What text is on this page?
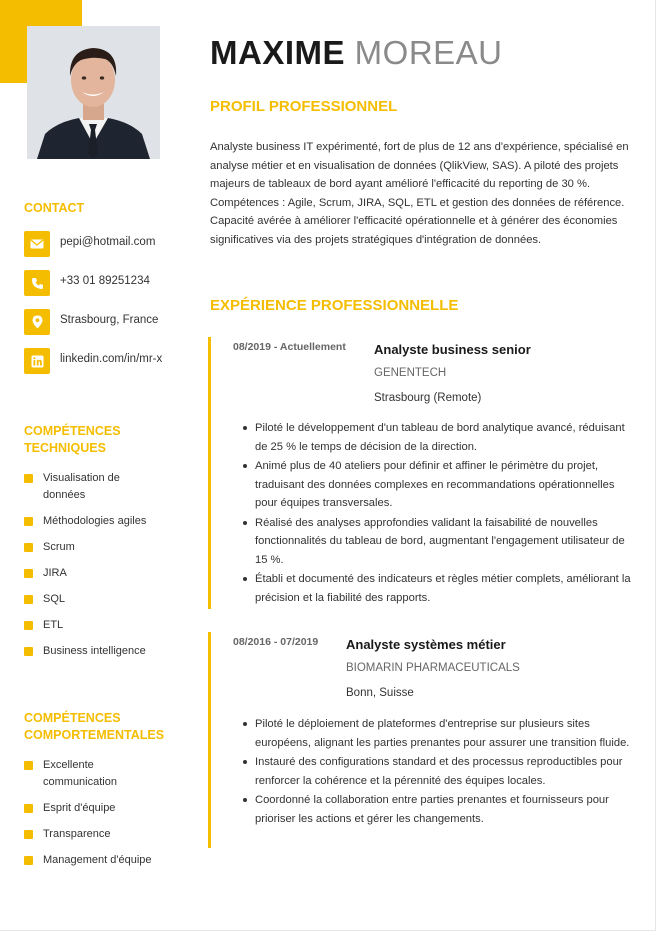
CONTACT
pepi@hotmail.com
+33 01 89251234
Strasbourg, France
linkedin.com/in/mr-x
COMPÉTENCES TECHNIQUES
Visualisation de données
Méthodologies agiles
Scrum
JIRA
SQL
ETL
Business intelligence
COMPÉTENCES COMPORTEMENTALES
Excellente communication
Esprit d'équipe
Transparence
Management d'équipe
MAXIME MOREAU
PROFIL PROFESSIONNEL
Analyste business IT expérimenté, fort de plus de 12 ans d'expérience, spécialisé en analyse métier et en visualisation de données (QlikView, SAS). A piloté des projets majeurs de tableaux de bord ayant amélioré l'efficacité du reporting de 30 %. Compétences : Agile, Scrum, JIRA, SQL, ETL et gestion des données de référence. Capacité avérée à améliorer l'efficacité opérationnelle et à générer des économies significatives via des projets stratégiques d'intégration de données.
EXPÉRIENCE PROFESSIONNELLE
08/2019 - Actuellement Analyste business senior
GENENTECH
Strasbourg (Remote)
Piloté le développement d'un tableau de bord analytique avancé, réduisant de 25 % le temps de décision de la direction.
Animé plus de 40 ateliers pour définir et affiner le périmètre du projet, traduisant des données complexes en recommandations opérationnelles pour équipes transversales.
Réalisé des analyses approfondies validant la faisabilité de nouvelles fonctionnalités du tableau de bord, augmentant l'engagement utilisateur de 15 %.
Établi et documenté des indicateurs et règles métier complets, améliorant la précision et la fiabilité des rapports.
08/2016 - 07/2019 Analyste systèmes métier
BIOMARIN PHARMACEUTICALS
Bonn, Suisse
Piloté le déploiement de plateformes d'entreprise sur plusieurs sites européens, alignant les parties prenantes pour assurer une transition fluide.
Instauré des configurations standard et des processus reproductibles pour renforcer la cohérence et la pérennité des équipes locales.
Coordonné la collaboration entre parties prenantes et fournisseurs pour prioriser les actions et gérer les changements.
